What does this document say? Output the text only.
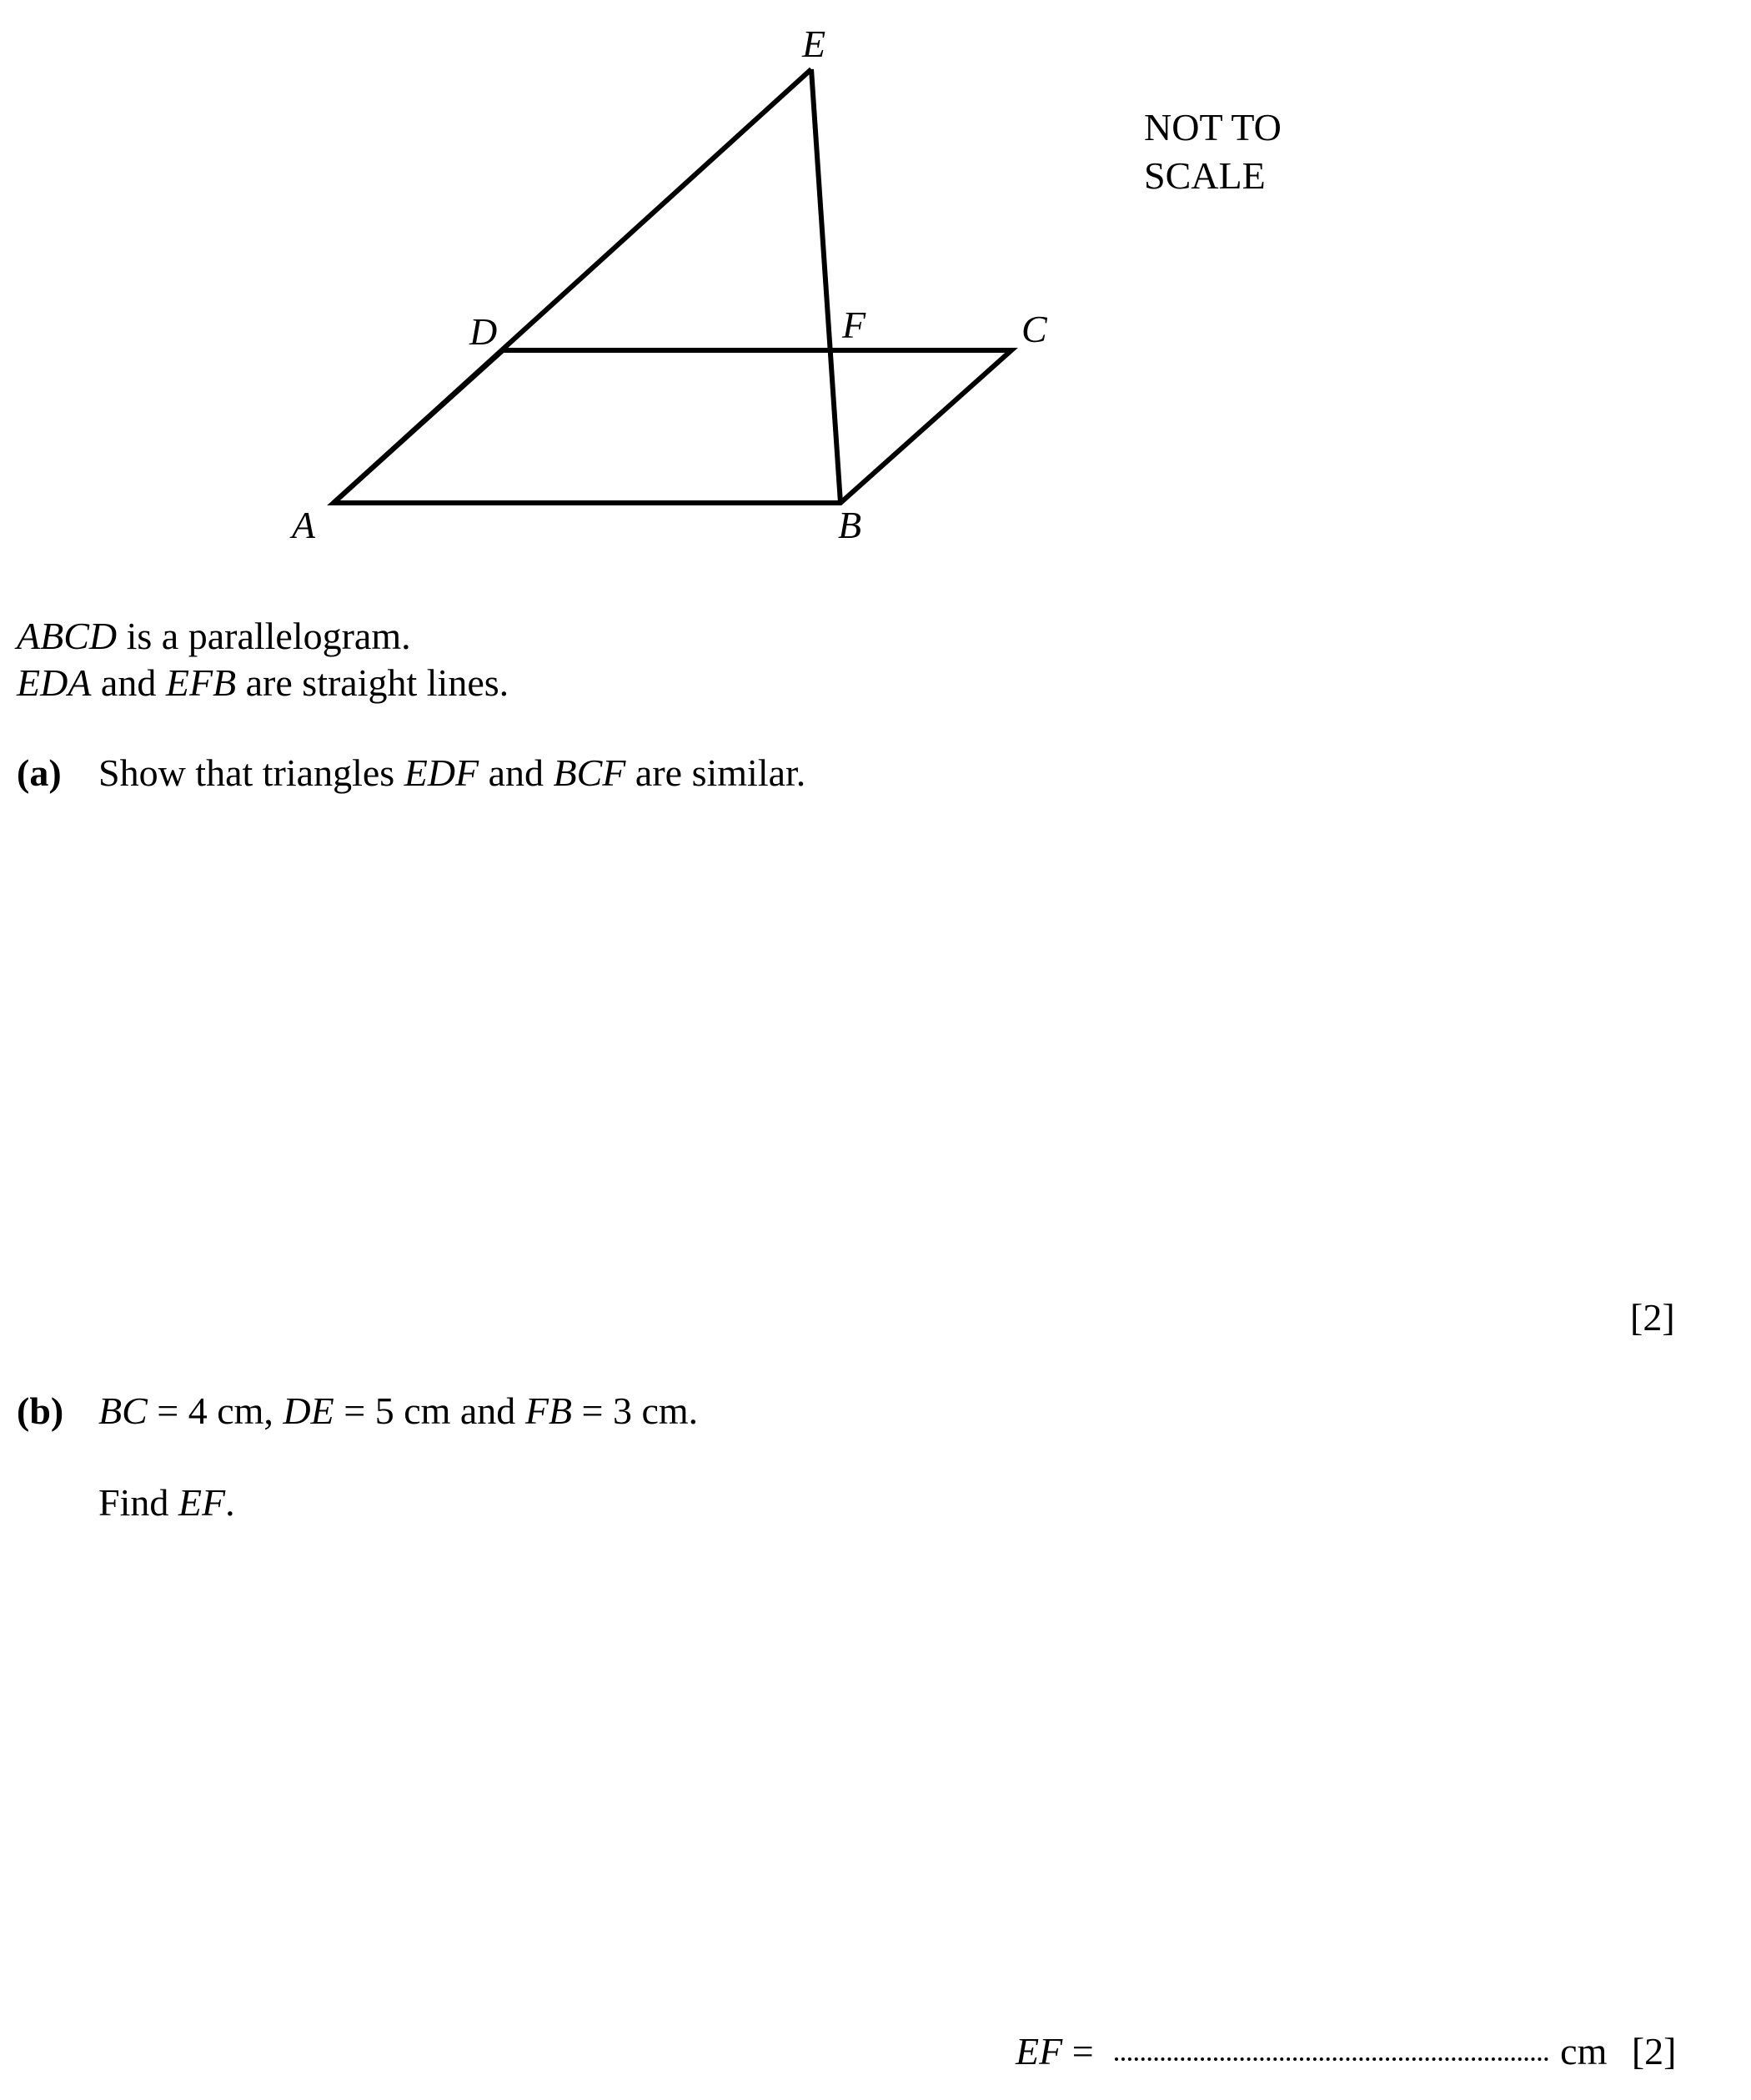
E
D	F	C
A	B
NOT TO
SCALE
ABCD is a parallelogram.
EDA and EFB are straight lines.
(a) Show that triangles EDF and BCF are similar.
[2]
(b) BC = 4 cm, DE = 5 cm and FB = 3 cm.
Find EF.
EF =	cm [2]
